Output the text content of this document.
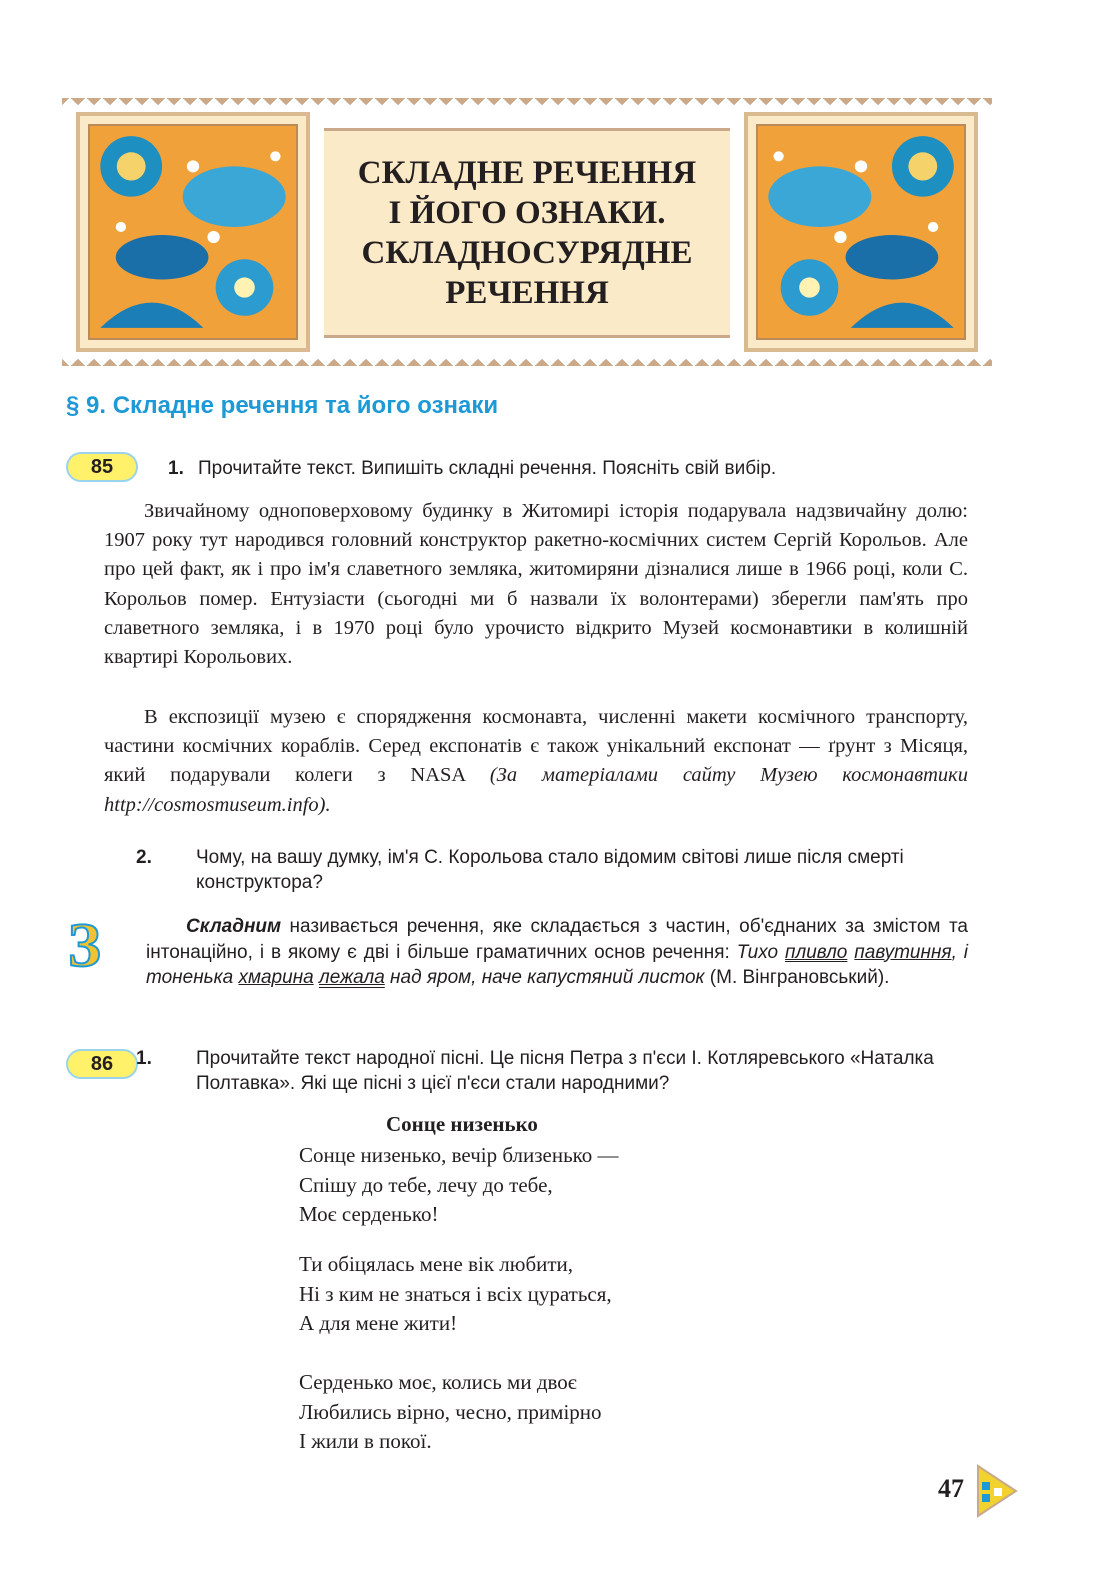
СКЛАДНЕ РЕЧЕННЯ
І ЙОГО ОЗНАКИ.
СКЛАДНОСУРЯДНЕ
РЕЧЕННЯ
§ 9. Складне речення та його ознаки
85	1. Прочитайте текст. Випишіть складні речення. Поясніть свій вибір.
Звичайному одноповерховому будинку в Житомирі історія подарувала надзвичайну долю: 1907 року тут народився головний конструктор ракетно-космічних систем Сергій Корольов. Але про цей факт, як і про ім'я славетного земляка, житомиряни дізналися лише в 1966 році, коли С. Корольов помер. Ентузіасти (сьогодні ми б назвали їх волонтерами) зберегли пам'ять про славетного земляка, і в 1970 році було урочисто відкрито Музей космонавтики в колишній квартирі Корольових.
В експозиції музею є спорядження космонавта, численні макети космічного транспорту, частини космічних кораблів. Серед експонатів є також унікальний експонат — ґрунт з Місяця, який подарували колеги з NASA (За матеріалами сайту Музею космонавтики http://cosmosmuseum.info).
2. Чому, на вашу думку, ім'я С. Корольова стало відомим світові лише після смерті конструктора?
З	Складним називається речення, яке складається з частин, об'єднаних за змістом та інтонаційно, і в якому є дві і більше граматичних основ речення: Тихо пливло павутиння, і тоненька хмарина лежала над яром, наче капустяний листок (М. Вінграновський).
86	1. Прочитайте текст народної пісні. Це пісня Петра з п'єси І. Котляревського «Наталка Полтавка». Які ще пісні з цієї п'єси стали народними?
Сонце низенько
Сонце низенько, вечір близенько —
Спішу до тебе, лечу до тебе,
Моє серденько!
Ти обіцялась мене вік любити,
Ні з ким не знаться і всіх цураться,
А для мене жити!
Серденько моє, колись ми двоє
Любились вірно, чесно, примірно
І жили в покої.
47
